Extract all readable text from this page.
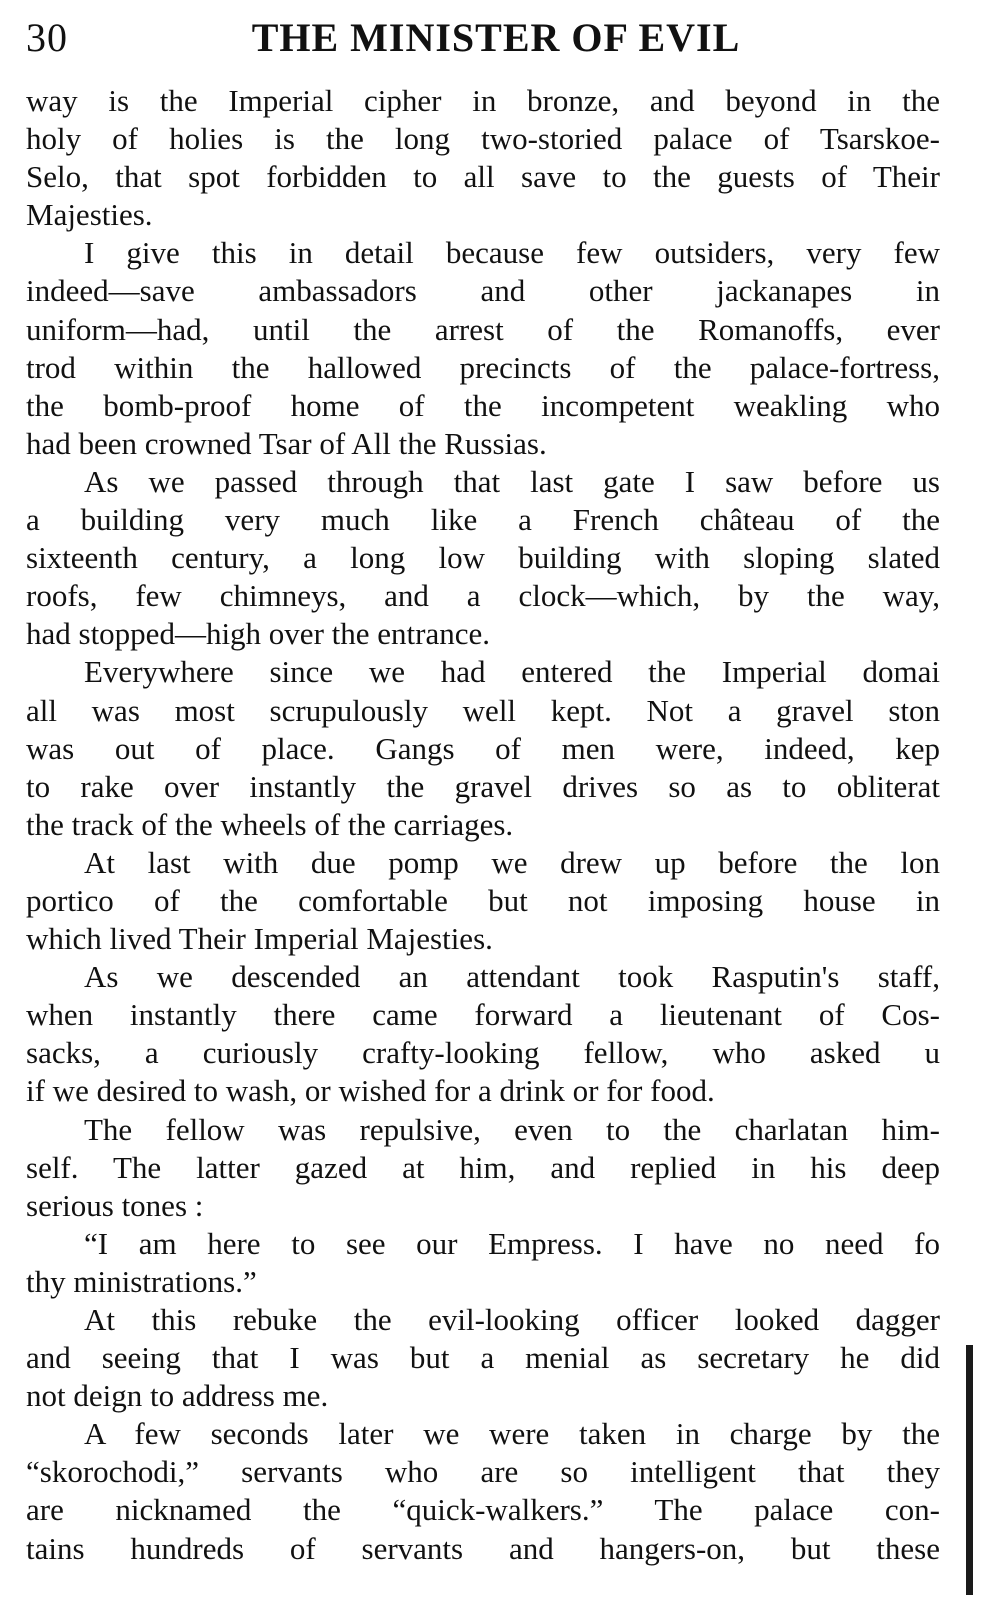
30	THE MINISTER OF EVIL
way is the Imperial cipher in bronze, and beyond in the
holy of holies is the long two-storied palace of Tsarskoe-
Selo, that spot forbidden to all save to the guests of Their
Majesties.
I give this in detail because few outsiders, very few
indeed—save ambassadors and other jackanapes in
uniform—had, until the arrest of the Romanoffs, ever
trod within the hallowed precincts of the palace-fortress,
the bomb-proof home of the incompetent weakling who
had been crowned Tsar of All the Russias.
As we passed through that last gate I saw before us
a building very much like a French château of the
sixteenth century, a long low building with sloping slated
roofs, few chimneys, and a clock—which, by the way,
had stopped—high over the entrance.
Everywhere since we had entered the Imperial domai
all was most scrupulously well kept. Not a gravel ston
was out of place. Gangs of men were, indeed, kep
to rake over instantly the gravel drives so as to obliterat
the track of the wheels of the carriages.
At last with due pomp we drew up before the lon
portico of the comfortable but not imposing house in
which lived Their Imperial Majesties.
As we descended an attendant took Rasputin's staff,
when instantly there came forward a lieutenant of Cos-
sacks, a curiously crafty-looking fellow, who asked u
if we desired to wash, or wished for a drink or for food.
The fellow was repulsive, even to the charlatan him-
self. The latter gazed at him, and replied in his deep
serious tones :
“I am here to see our Empress. I have no need fo
thy ministrations.”
At this rebuke the evil-looking officer looked dagger
and seeing that I was but a menial as secretary he did
not deign to address me.
A few seconds later we were taken in charge by the
“skorochodi,” servants who are so intelligent that they
are nicknamed the “quick-walkers.” The palace con-
tains hundreds of servants and hangers-on, but these
